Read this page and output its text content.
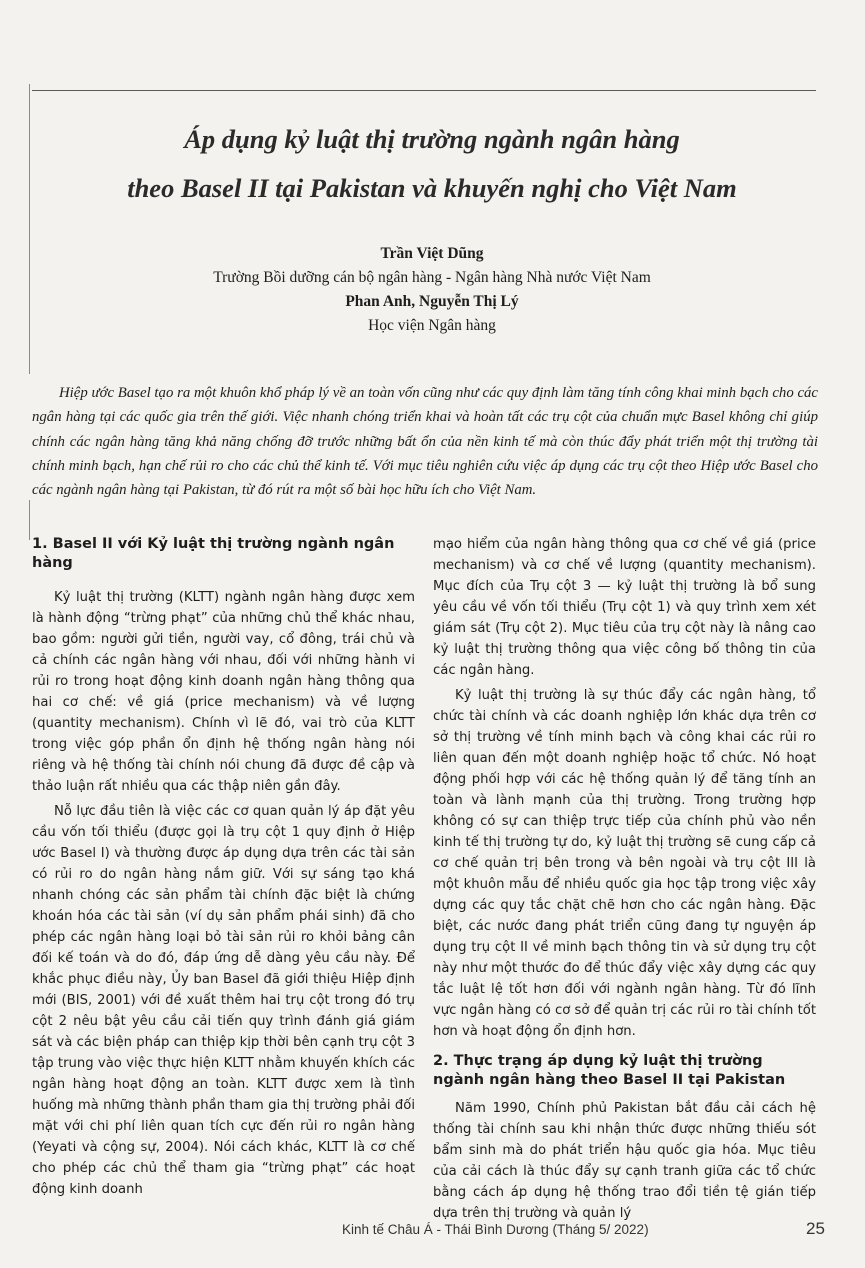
Áp dụng kỷ luật thị trường ngành ngân hàng
theo Basel II tại Pakistan và khuyến nghị cho Việt Nam
Trần Việt Dũng
Trường Bồi dưỡng cán bộ ngân hàng - Ngân hàng Nhà nước Việt Nam
Phan Anh, Nguyễn Thị Lý
Học viện Ngân hàng
Hiệp ước Basel tạo ra một khuôn khổ pháp lý về an toàn vốn cũng như các quy định làm tăng tính công khai minh bạch cho các ngân hàng tại các quốc gia trên thế giới. Việc nhanh chóng triển khai và hoàn tất các trụ cột của chuẩn mực Basel không chỉ giúp chính các ngân hàng tăng khả năng chống đỡ trước những bất ổn của nền kinh tế mà còn thúc đẩy phát triển một thị trường tài chính minh bạch, hạn chế rủi ro cho các chủ thể kinh tế. Với mục tiêu nghiên cứu việc áp dụng các trụ cột theo Hiệp ước Basel cho các ngành ngân hàng tại Pakistan, từ đó rút ra một số bài học hữu ích cho Việt Nam.
1. Basel II với Kỷ luật thị trường ngành ngân hàng

Kỷ luật thị trường (KLTT) ngành ngân hàng được xem là hành động “trừng phạt” của những chủ thể khác nhau, bao gồm: người gửi tiền, người vay, cổ đông, trái chủ và cả chính các ngân hàng với nhau, đối với những hành vi rủi ro trong hoạt động kinh doanh ngân hàng thông qua hai cơ chế: về giá (price mechanism) và về lượng (quantity mechanism). Chính vì lẽ đó, vai trò của KLTT trong việc góp phần ổn định hệ thống ngân hàng nói riêng và hệ thống tài chính nói chung đã được đề cập và thảo luận rất nhiều qua các thập niên gần đây.

Nỗ lực đầu tiên là việc các cơ quan quản lý áp đặt yêu cầu vốn tối thiểu (được gọi là trụ cột 1 quy định ở Hiệp ước Basel I) và thường được áp dụng dựa trên các tài sản có rủi ro do ngân hàng nắm giữ. Với sự sáng tạo khá nhanh chóng các sản phẩm tài chính đặc biệt là chứng khoán hóa các tài sản (ví dụ sản phẩm phái sinh) đã cho phép các ngân hàng loại bỏ tài sản rủi ro khỏi bảng cân đối kế toán và do đó, đáp ứng dễ dàng yêu cầu này. Để khắc phục điều này, Ủy ban Basel đã giới thiệu Hiệp định mới (BIS, 2001) với đề xuất thêm hai trụ cột trong đó trụ cột 2 nêu bật yêu cầu cải tiến quy trình đánh giá giám sát và các biện pháp can thiệp kịp thời bên cạnh trụ cột 3 tập trung vào việc thực hiện KLTT nhằm khuyến khích các ngân hàng hoạt động an toàn. KLTT được xem là tình huống mà những thành phần tham gia thị trường phải đối mặt với chi phí liên quan tích cực đến rủi ro ngân hàng (Yeyati và cộng sự, 2004). Nói cách khác, KLTT là cơ chế cho phép các chủ thể tham gia “trừng phạt” các hoạt động kinh doanh

mạo hiểm của ngân hàng thông qua cơ chế về giá (price mechanism) và cơ chế về lượng (quantity mechanism). Mục đích của Trụ cột 3 — kỷ luật thị trường là bổ sung yêu cầu về vốn tối thiểu (Trụ cột 1) và quy trình xem xét giám sát (Trụ cột 2). Mục tiêu của trụ cột này là nâng cao kỷ luật thị trường thông qua việc công bố thông tin của các ngân hàng.

Kỷ luật thị trường là sự thúc đẩy các ngân hàng, tổ chức tài chính và các doanh nghiệp lớn khác dựa trên cơ sở thị trường về tính minh bạch và công khai các rủi ro liên quan đến một doanh nghiệp hoặc tổ chức. Nó hoạt động phối hợp với các hệ thống quản lý để tăng tính an toàn và lành mạnh của thị trường. Trong trường hợp không có sự can thiệp trực tiếp của chính phủ vào nền kinh tế thị trường tự do, kỷ luật thị trường sẽ cung cấp cả cơ chế quản trị bên trong và bên ngoài và trụ cột III là một khuôn mẫu để nhiều quốc gia học tập trong việc xây dựng các quy tắc chặt chẽ hơn cho các ngân hàng. Đặc biệt, các nước đang phát triển cũng đang tự nguyện áp dụng trụ cột II về minh bạch thông tin và sử dụng trụ cột này như một thước đo để thúc đẩy việc xây dựng các quy tắc luật lệ tốt hơn đối với ngành ngân hàng. Từ đó lĩnh vực ngân hàng có cơ sở để quản trị các rủi ro tài chính tốt hơn và hoạt động ổn định hơn.

2. Thực trạng áp dụng kỷ luật thị trường ngành ngân hàng theo Basel II tại Pakistan

Năm 1990, Chính phủ Pakistan bắt đầu cải cách hệ thống tài chính sau khi nhận thức được những thiếu sót bẩm sinh mà do phát triển hậu quốc gia hóa. Mục tiêu của cải cách là thúc đẩy sự cạnh tranh giữa các tổ chức bằng cách áp dụng hệ thống trao đổi tiền tệ gián tiếp dựa trên thị trường và quản lý

Kinh tế Châu Á - Thái Bình Dương (Tháng 5/ 2022)	25
